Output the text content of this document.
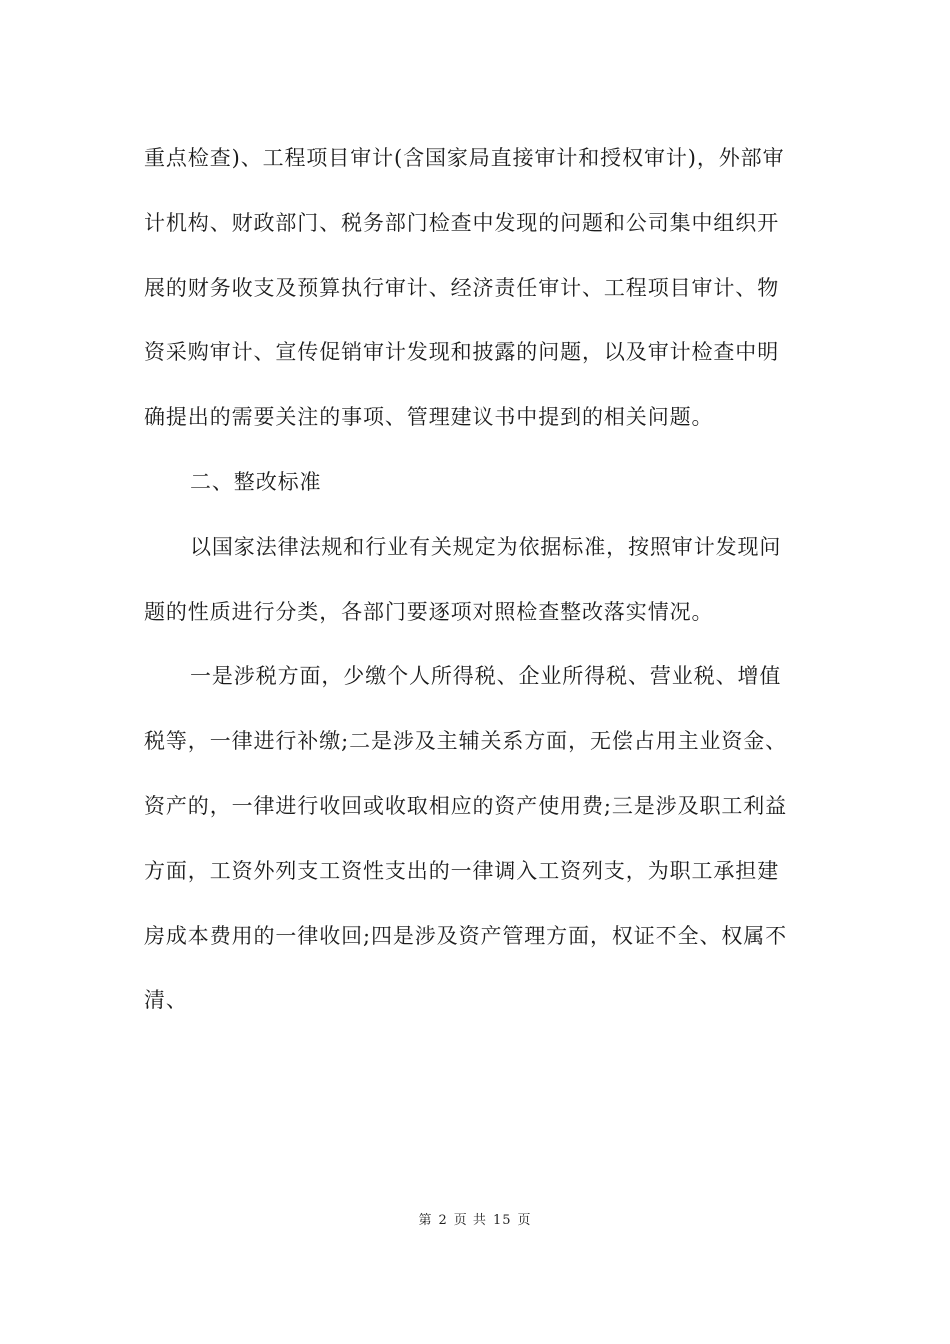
重点检查)、工程项目审计(含国家局直接审计和授权审计)，外部审
计机构、财政部门、税务部门检查中发现的问题和公司集中组织开
展的财务收支及预算执行审计、经济责任审计、工程项目审计、物
资采购审计、宣传促销审计发现和披露的问题，以及审计检查中明
确提出的需要关注的事项、管理建议书中提到的相关问题。
二、整改标准
以国家法律法规和行业有关规定为依据标准，按照审计发现问
题的性质进行分类，各部门要逐项对照检查整改落实情况。
一是涉税方面，少缴个人所得税、企业所得税、营业税、增值
税等，一律进行补缴;二是涉及主辅关系方面，无偿占用主业资金、
资产的，一律进行收回或收取相应的资产使用费;三是涉及职工利益
方面，工资外列支工资性支出的一律调入工资列支，为职工承担建
房成本费用的一律收回;四是涉及资产管理方面，权证不全、权属不
清、
第 2 页 共 15 页
